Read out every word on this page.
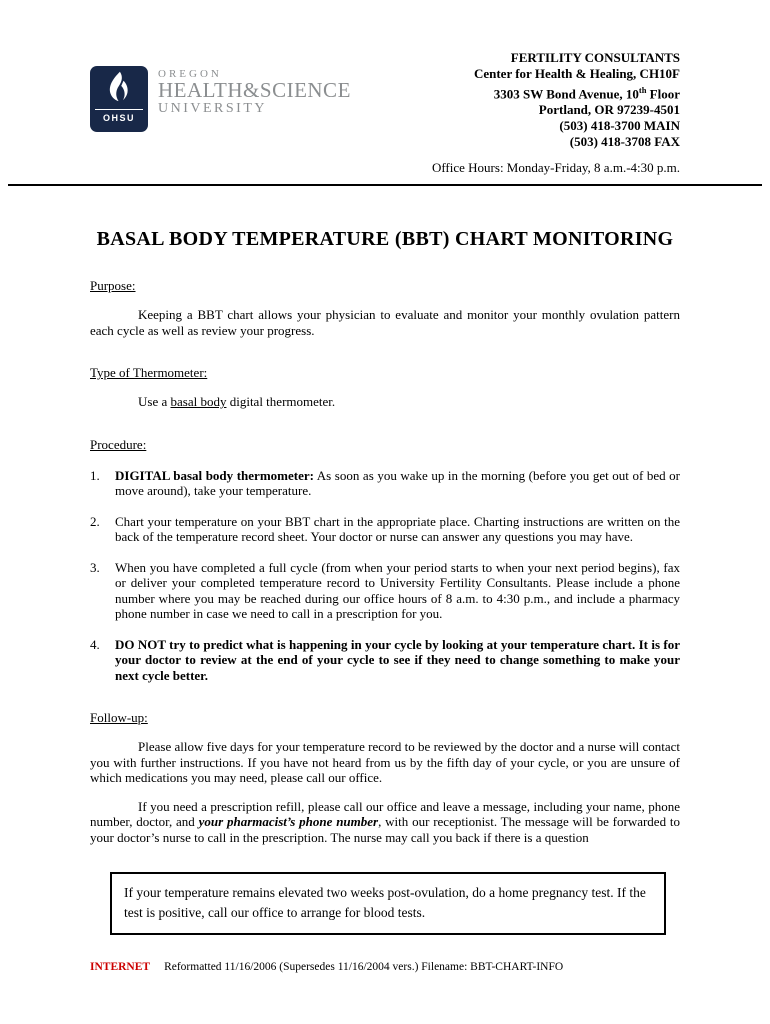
OHSU
OREGON
HEALTH&SCIENCE
UNIVERSITY
FERTILITY CONSULTANTS
Center for Health & Healing, CH10F
3303 SW Bond Avenue, 10th Floor
Portland, OR 97239-4501
(503) 418-3700 MAIN
(503) 418-3708 FAX
Office Hours: Monday-Friday, 8 a.m.-4:30 p.m.
BASAL BODY TEMPERATURE (BBT) CHART MONITORING
Purpose:

Keeping a BBT chart allows your physician to evaluate and monitor your monthly ovulation pattern each cycle as well as review your progress.

Type of Thermometer:

Use a basal body digital thermometer.

Procedure:
1.	DIGITAL basal body thermometer: As soon as you wake up in the morning (before you get out of bed or move around), take your temperature.
2.	Chart your temperature on your BBT chart in the appropriate place. Charting instructions are written on the back of the temperature record sheet. Your doctor or nurse can answer any questions you may have.
3.	When you have completed a full cycle (from when your period starts to when your next period begins), fax or deliver your completed temperature record to University Fertility Consultants. Please include a phone number where you may be reached during our office hours of 8 a.m. to 4:30 p.m., and include a pharmacy phone number in case we need to call in a prescription for you.
4.	DO NOT try to predict what is happening in your cycle by looking at your temperature chart. It is for your doctor to review at the end of your cycle to see if they need to change something to make your next cycle better.
Follow-up:

Please allow five days for your temperature record to be reviewed by the doctor and a nurse will contact you with further instructions. If you have not heard from us by the fifth day of your cycle, or you are unsure of which medications you may need, please call our office.

If you need a prescription refill, please call our office and leave a message, including your name, phone number, doctor, and your pharmacist’s phone number, with our receptionist. The message will be forwarded to your doctor’s nurse to call in the prescription. The nurse may call you back if there is a question

If your temperature remains elevated two weeks post-ovulation, do a home pregnancy test. If the test is positive, call our office to arrange for blood tests.
INTERNET Reformatted 11/16/2006 (Supersedes 11/16/2004 vers.) Filename: BBT-CHART-INFO
